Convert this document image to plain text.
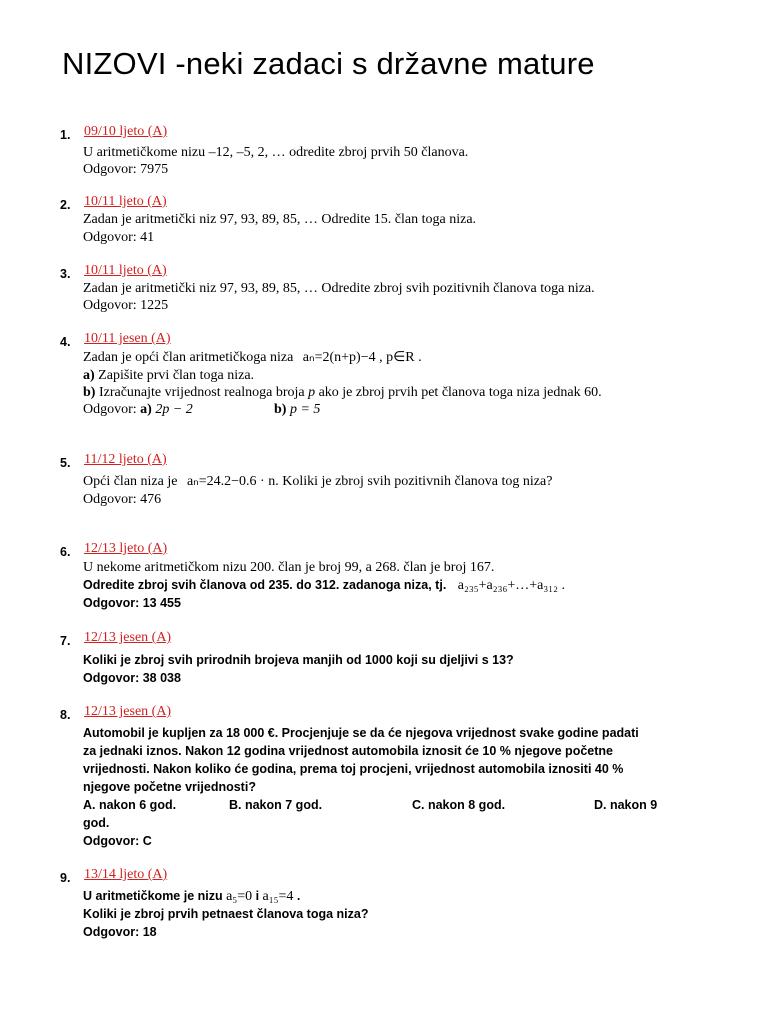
NIZOVI -neki zadaci s državne mature
1. 09/10 ljeto (A)
U aritmetičkome nizu –12, –5, 2, … odredite zbroj prvih 50 članova.
Odgovor: 7975
2. 10/11 ljeto (A)
Zadan je aritmetički niz 97, 93, 89, 85, … Odredite 15. član toga niza.
Odgovor: 41
3. 10/11 ljeto (A)
Zadan je aritmetički niz 97, 93, 89, 85, … Odredite zbroj svih pozitivnih članova toga niza.
Odgovor: 1225
4. 10/11 jesen (A)
Zadan je opći član aritmetičkoga niza aₙ=2(n+p)−4 , p∈R .
a) Zapišite prvi član toga niza.
b) Izračunajte vrijednost realnoga broja p ako je zbroj prvih pet članova toga niza jednak 60.
Odgovor: a) 2p − 2	b) p = 5
5. 11/12 ljeto (A)
Opći član niza je aₙ=24.2−0.6 · n. Koliki je zbroj svih pozitivnih članova tog niza?
Odgovor: 476
6. 12/13 ljeto (A)
U nekome aritmetičkom nizu 200. član je broj 99, a 268. član je broj 167.
Odredite zbroj svih članova od 235. do 312. zadanoga niza, tj. a₂₃₅+a₂₃₆+…+a₃₁₂ .
Odgovor: 13 455
7. 12/13 jesen (A)
Koliki je zbroj svih prirodnih brojeva manjih od 1000 koji su djeljivi s 13?
Odgovor: 38 038
8. 12/13 jesen (A)
Automobil je kupljen za 18 000 €. Procjenjuje se da će njegova vrijednost svake godine padati
za jednaki iznos. Nakon 12 godina vrijednost automobila iznosit će 10 % njegove početne
vrijednosti. Nakon koliko će godina, prema toj procjeni, vrijednost automobila iznositi 40 %
njegove početne vrijednosti?
A. nakon 6 god.	B. nakon 7 god.	C. nakon 8 god.	D. nakon 9
god.
Odgovor: C
9. 13/14 ljeto (A)
U aritmetičkome je nizu a₅=0 i a₁₅=4 .
Koliki je zbroj prvih petnaest članova toga niza?
Odgovor: 18
